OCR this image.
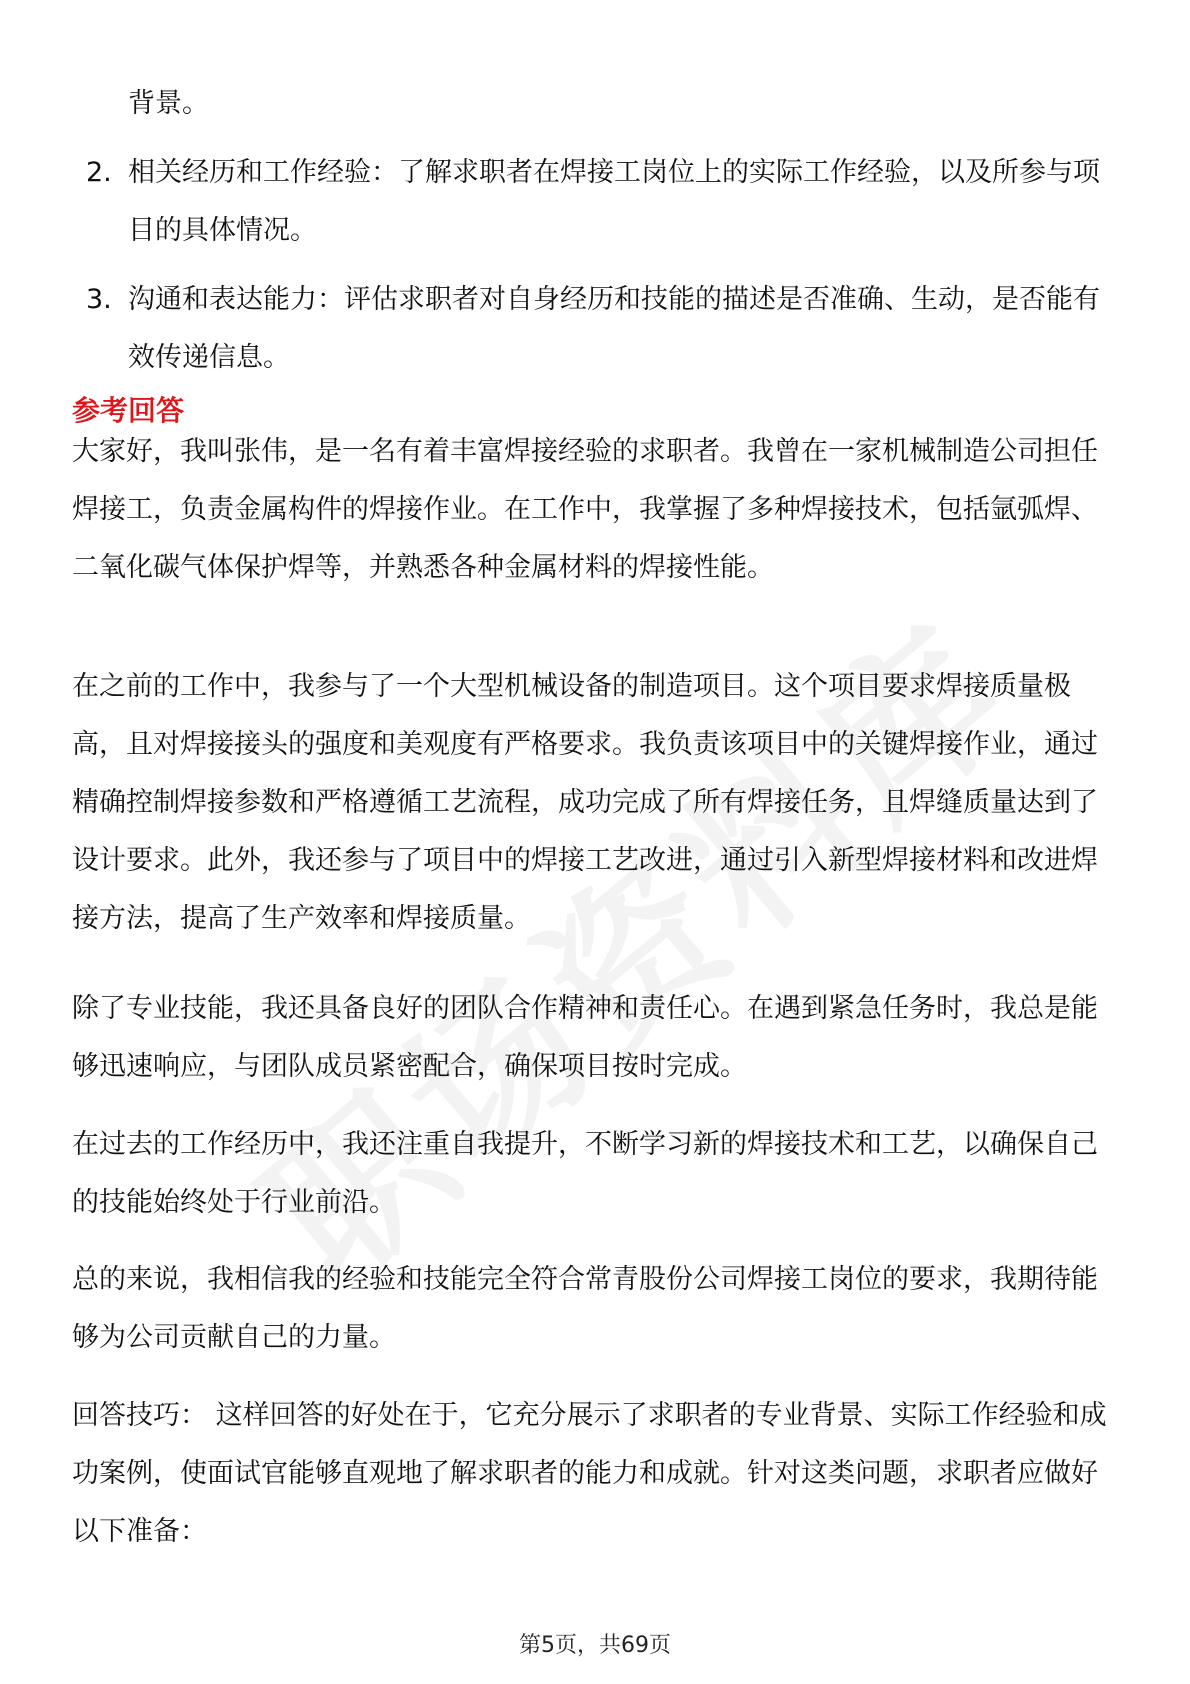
背景。
2. 相关经历和工作经验：了解求职者在焊接工岗位上的实际工作经验，以及所参与项目的具体情况。
3. 沟通和表达能力：评估求职者对自身经历和技能的描述是否准确、生动，是否能有效传递信息。
参考回答

大家好，我叫张伟，是一名有着丰富焊接经验的求职者。我曾在一家机械制造公司担任焊接工，负责金属构件的焊接作业。在工作中，我掌握了多种焊接技术，包括氩弧焊、二氧化碳气体保护焊等，并熟悉各种金属材料的焊接性能。

在之前的工作中，我参与了一个大型机械设备的制造项目。这个项目要求焊接质量极高，且对焊接接头的强度和美观度有严格要求。我负责该项目中的关键焊接作业，通过精确控制焊接参数和严格遵循工艺流程，成功完成了所有焊接任务，且焊缝质量达到了设计要求。此外，我还参与了项目中的焊接工艺改进，通过引入新型焊接材料和改进焊接方法，提高了生产效率和焊接质量。

除了专业技能，我还具备良好的团队合作精神和责任心。在遇到紧急任务时，我总是能够迅速响应，与团队成员紧密配合，确保项目按时完成。

在过去的工作经历中，我还注重自我提升，不断学习新的焊接技术和工艺，以确保自己的技能始终处于行业前沿。

总的来说，我相信我的经验和技能完全符合常青股份公司焊接工岗位的要求，我期待能够为公司贡献自己的力量。

回答技巧： 这样回答的好处在于，它充分展示了求职者的专业背景、实际工作经验和成功案例，使面试官能够直观地了解求职者的能力和成就。针对这类问题，求职者应做好以下准备：

第5页，共69页
